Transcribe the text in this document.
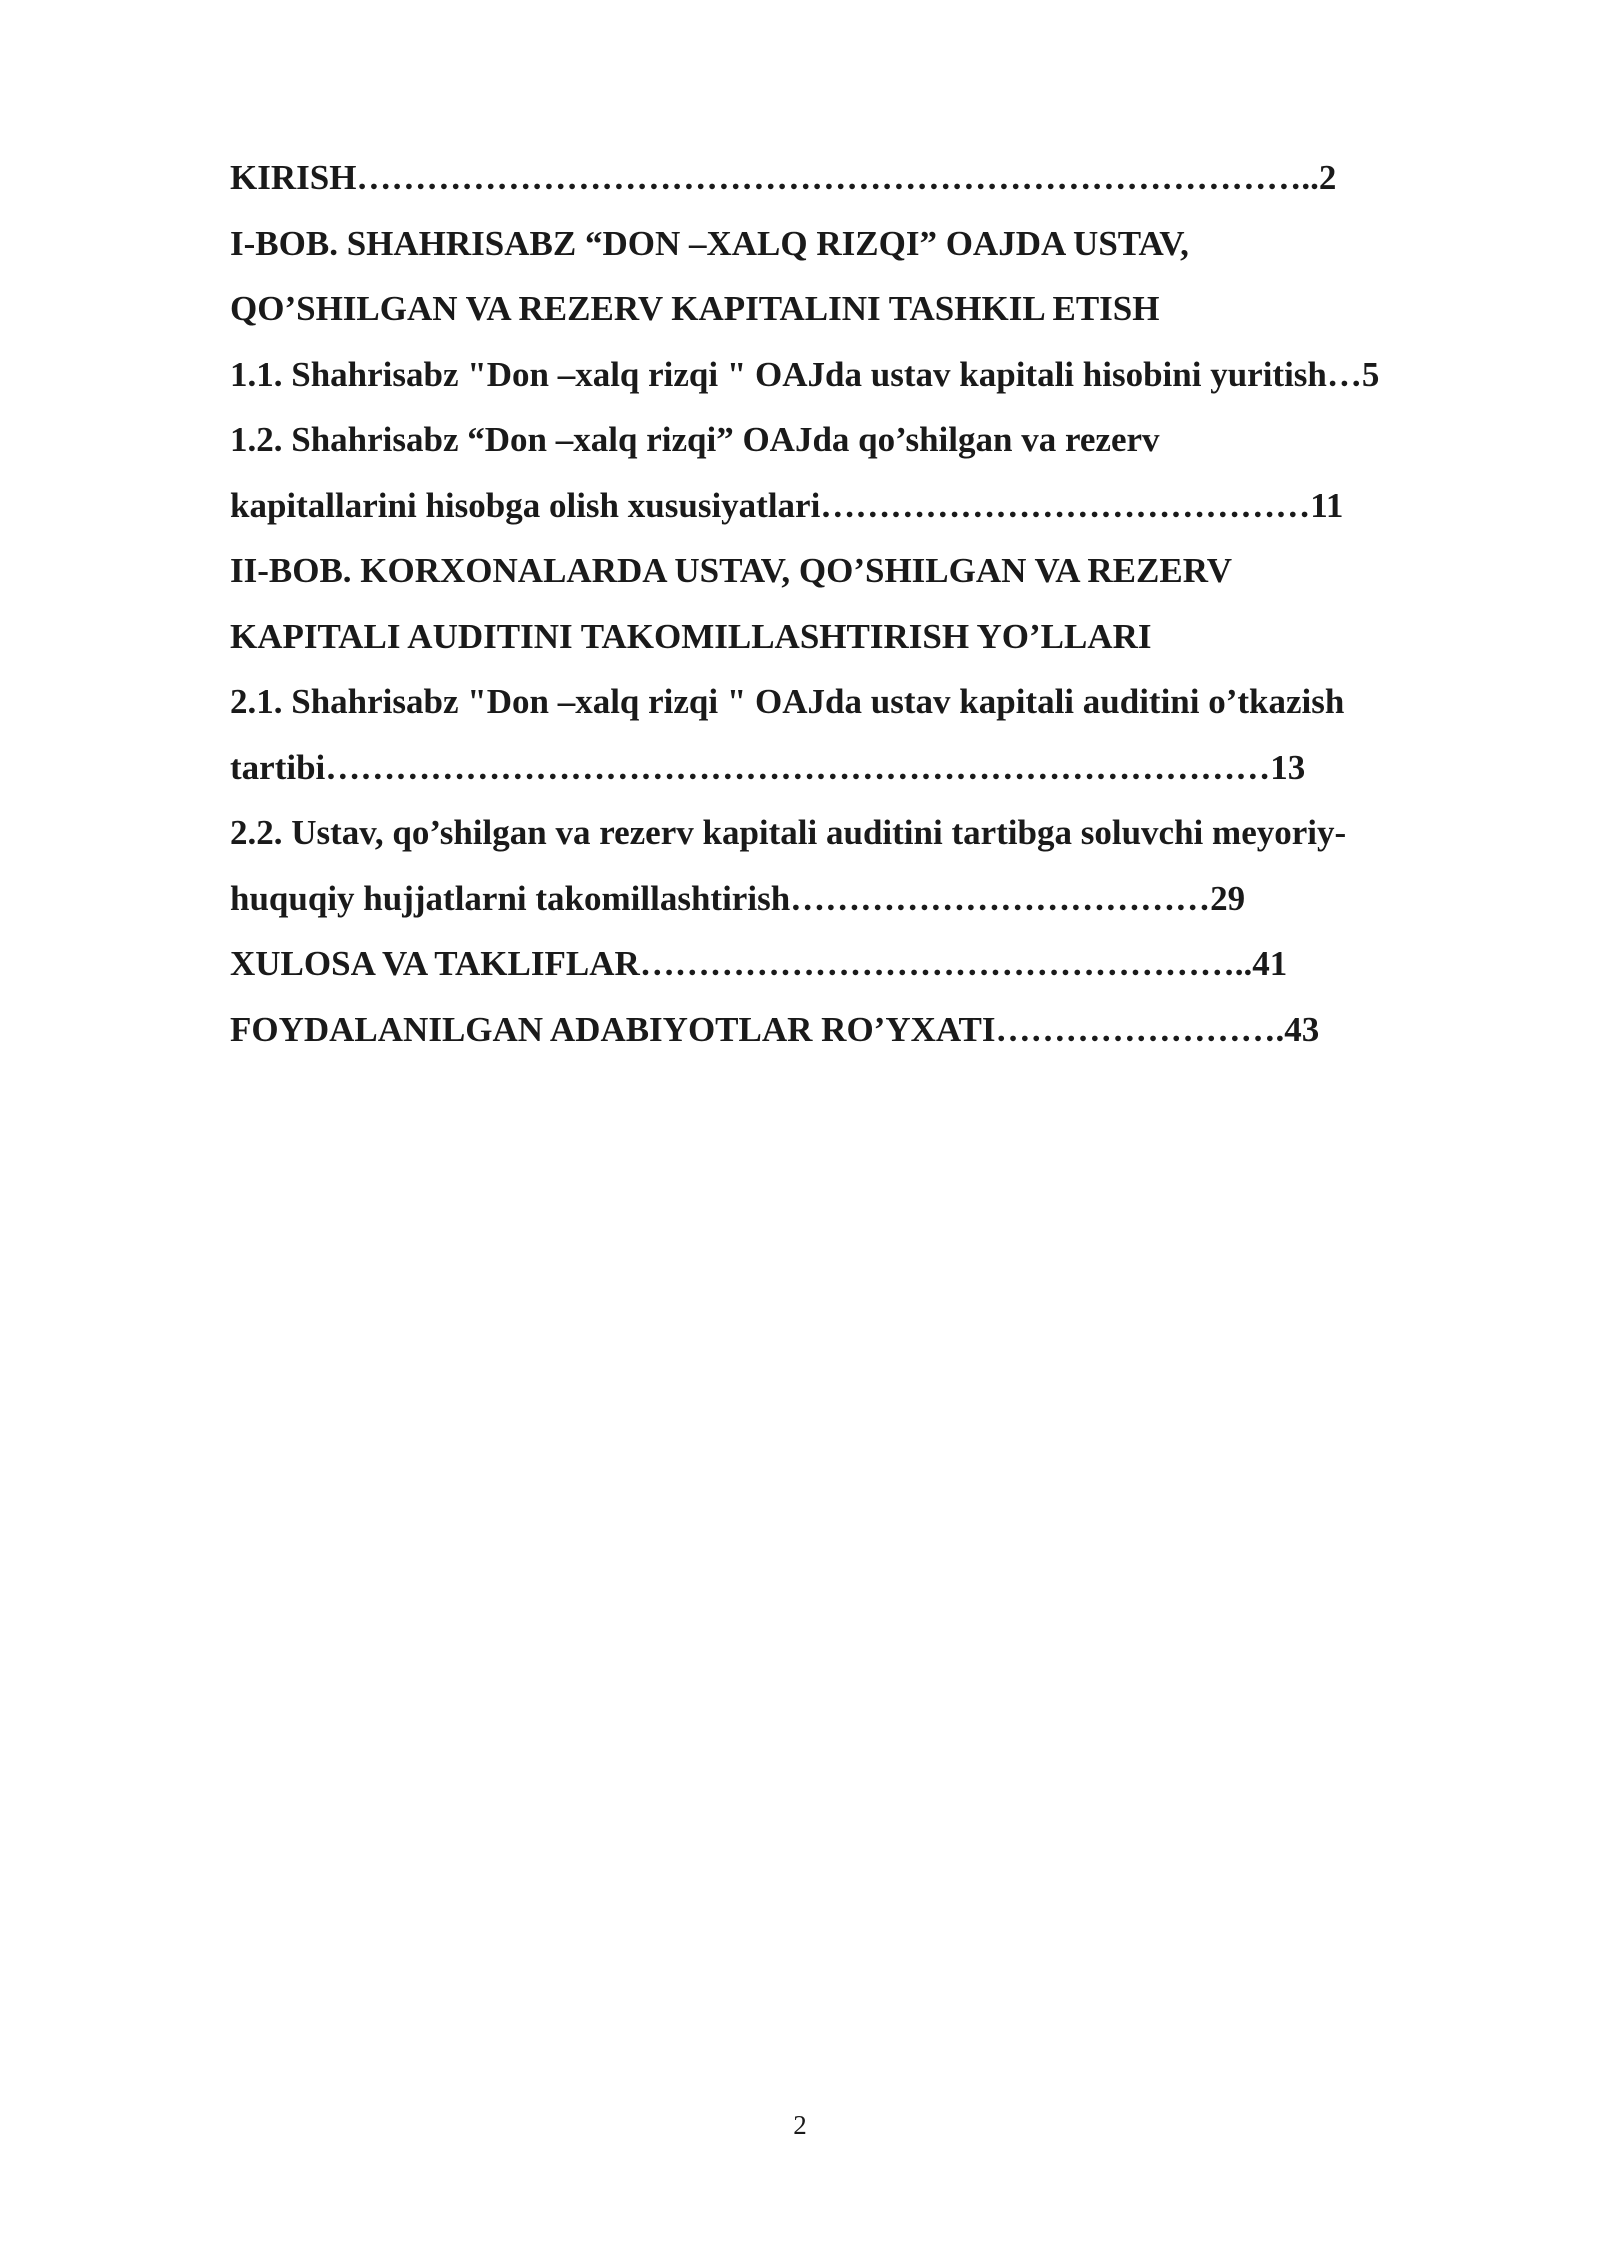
KIRISH………………………………………………………………………..2
I-BOB. SHAHRISABZ “DON –XALQ RIZQI” OAJDA USTAV,
QO’SHILGAN VA REZERV KAPITALINI TASHKIL ETISH
1.1. Shahrisabz "Don –xalq rizqi " OAJda ustav kapitali hisobini yuritish…5
1.2. Shahrisabz “Don –xalq rizqi” OAJda qo’shilgan va rezerv
kapitallarini hisobga olish xususiyatlari……………………………………11
II-BOB. KORXONALARDA USTAV, QO’SHILGAN VA REZERV
KAPITALI AUDITINI TAKOMILLASHTIRISH YO’LLARI
2.1. Shahrisabz "Don –xalq rizqi " OAJda ustav kapitali auditini o’tkazish
tartibi………………………………………………………………………13
2.2. Ustav, qo’shilgan va rezerv kapitali auditini tartibga soluvchi meyoriy-
huquqiy hujjatlarni takomillashtirish………………………………29
XULOSA VA TAKLIFLAR……………………………………………..41
FOYDALANILGAN ADABIYOTLAR RO’YXATI…………………….43
2
